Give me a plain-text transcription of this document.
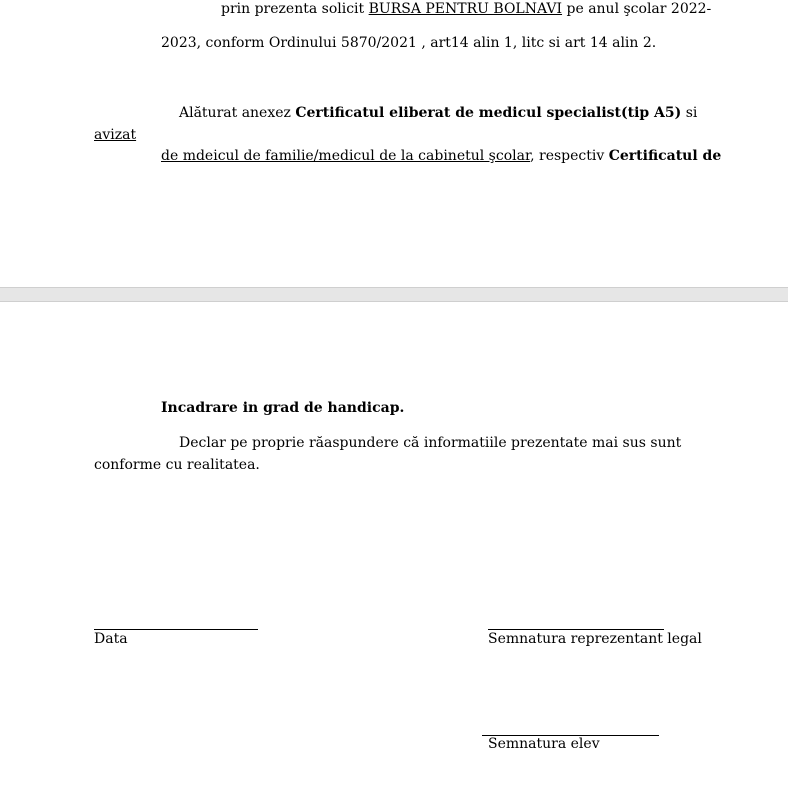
prin prezenta solicit BURSA PENTRU BOLNAVI pe anul şcolar 2022-
2023, conform Ordinului 5870/2021 , art14 alin 1, litc si art 14 alin 2.
Alăturat anexez Certificatul eliberat de medicul specialist(tip A5) si
avizat
de mdeicul de familie/medicul de la cabinetul şcolar, respectiv Certificatul de
Incadrare in grad de handicap.
Declar pe proprie răaspundere că informatiile prezentate mai sus sunt
conforme cu realitatea.
Data	Semnatura reprezentant legal
Semnatura elev
